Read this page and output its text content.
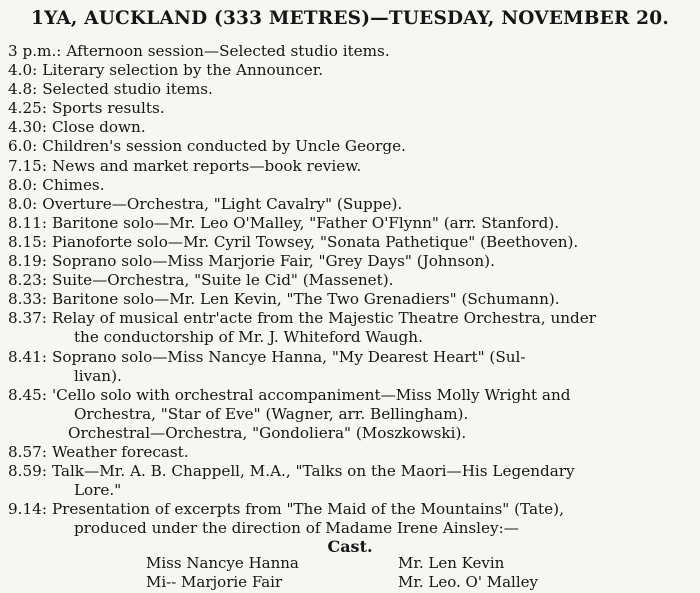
1YA, AUCKLAND (333 METRES)—TUESDAY, NOVEMBER 20.
3 p.m.: Afternoon session—Selected studio items.
4.0: Literary selection by the Announcer.
4.8: Selected studio items.
4.25: Sports results.
4.30: Close down.
6.0: Children's session conducted by Uncle George.
7.15: News and market reports—book review.
8.0: Chimes.
8.0: Overture—Orchestra, "Light Cavalry" (Suppe).
8.11: Baritone solo—Mr. Leo O'Malley, "Father O'Flynn" (arr. Stanford).
8.15: Pianoforte solo—Mr. Cyril Towsey, "Sonata Pathetique" (Beethoven).
8.19: Soprano solo—Miss Marjorie Fair, "Grey Days" (Johnson).
8.23: Suite—Orchestra, "Suite le Cid" (Massenet).
8.33: Baritone solo—Mr. Len Kevin, "The Two Grenadiers" (Schumann).
8.37: Relay of musical entr'acte from the Majestic Theatre Orchestra, under
the conductorship of Mr. J. Whiteford Waugh.
8.41: Soprano solo—Miss Nancye Hanna, "My Dearest Heart" (Sul-
livan).
8.45: 'Cello solo with orchestral accompaniment—Miss Molly Wright and
Orchestra, "Star of Eve" (Wagner, arr. Bellingham).
Orchestral—Orchestra, "Gondoliera" (Moszkowski).
8.57: Weather forecast.
8.59: Talk—Mr. A. B. Chappell, M.A., "Talks on the Maori—His Legendary
Lore."
9.14: Presentation of excerpts from "The Maid of the Mountains" (Tate),
produced under the direction of Madame Irene Ainsley:—
Cast.
Miss Nancye Hanna
Mi-- Marjorie Fair
Mr. Len Kevin
Mr. Leo. O' Malley
